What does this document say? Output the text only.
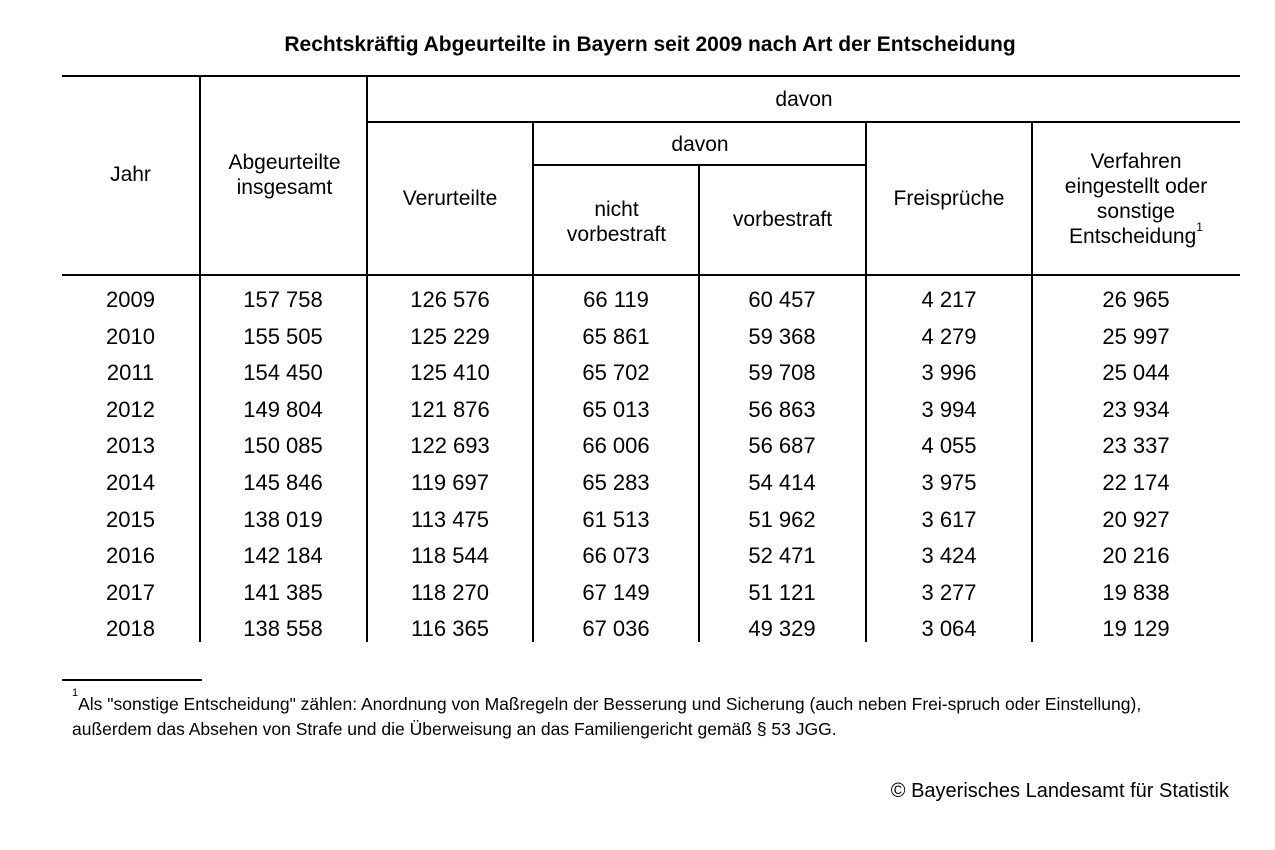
Rechtskräftig Abgeurteilte in Bayern seit 2009 nach Art der Entscheidung
Jahr
Abgeurteilte insgesamt
davon
Verurteilte
davon
nicht vorbestraft
vorbestraft
Freisprüche
Verfahren eingestellt oder sonstige Entscheidung$^1$
2009	157 758	126 576	66 119	60 457	4 217	26 965
2010	155 505	125 229	65 861	59 368	4 279	25 997
2011	154 450	125 410	65 702	59 708	3 996	25 044
2012	149 804	121 876	65 013	56 863	3 994	23 934
2013	150 085	122 693	66 006	56 687	4 055	23 337
2014	145 846	119 697	65 283	54 414	3 975	22 174
2015	138 019	113 475	61 513	51 962	3 617	20 927
2016	142 184	118 544	66 073	52 471	3 424	20 216
2017	141 385	118 270	67 149	51 121	3 277	19 838
2018	138 558	116 365	67 036	49 329	3 064	19 129
$^1$Als "sonstige Entscheidung" zählen: Anordnung von Maßregeln der Besserung und Sicherung (auch neben Frei-spruch oder Einstellung), außerdem das Absehen von Strafe und die Überweisung an das Familiengericht gemäß § 53 JGG.
© Bayerisches Landesamt für Statistik
